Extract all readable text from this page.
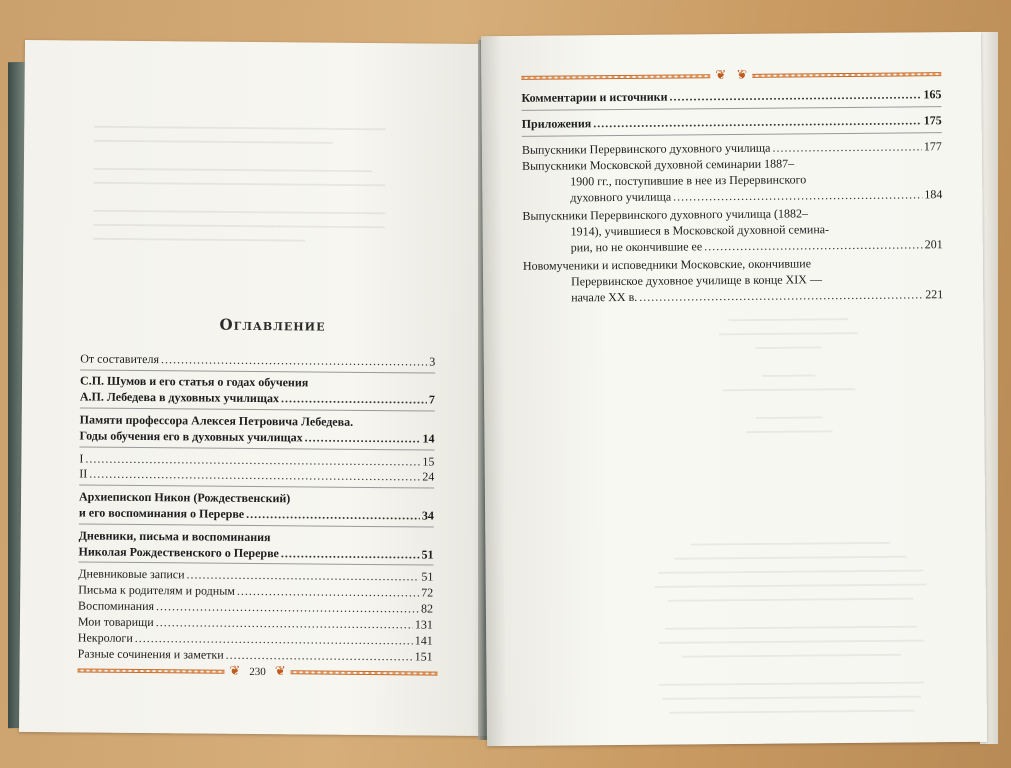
━━━━━━━━━━━━━━━━━━━━━━━━━━━━━━━━━━━━━━━━━━━━
━━━━━━━━━━━━━━━━━━━━━━━━━━━━━━━━━━━━

━━━━━━━━━━━━━━━━━━━━━━━━━━━━━━━━━━━━━━━━━━
━━━━━━━━━━━━━━━━━━━━━━━━━━━━━━━━━━━━━━━━━━━━

━━━━━━━━━━━━━━━━━━━━━━━━━━━━━━━━━━━━━━━━━━━━
━━━━━━━━━━━━━━━━━━━━━━━━━━━━━━━━━━━━━━━━━━━━
━━━━━━━━━━━━━━━━━━━━━━━━━━━━━━━━
Оглавление
От составителя . . .	3
С.П. Шумов и его статья о годах обучения
А.П. Лебедева в духовных училищах . . .	7
Памяти профессора Алексея Петровича Лебедева.
Годы обучения его в духовных училищах . . .	14
I . . .	15
II . . .	24
Архиепископ Никон (Рождественский)
и его воспоминания о Перерве . . .	34
Дневники, письма и воспоминания
Николая Рождественского о Перерве . . .	51
Дневниковые записи . . .	51
Письма к родителям и родным . . .	72
Воспоминания . . .	82
Мои товарищи . . .	131
Некрологи . . .	141
Разные сочинения и заметки . . .	151
❦ 230 ❦
━━━━━━━━━━━━━━━━━━
━━━━━━━━━━━━━━━━━━━━━
━━━━━━━━━━

━━━━━━━━
━━━━━━━━━━━━━━━━━━━━

━━━━━━━━━━
━━━━━━━━━━━━━

━━━━━━━━━━━━━━━━━━━━━━━━━━━━━━
━━━━━━━━━━━━━━━━━━━━━━━━━━━━━━━━━━━
━━━━━━━━━━━━━━━━━━━━━━━━━━━━━━━━━━━━━━━━
━━━━━━━━━━━━━━━━━━━━━━━━━━━━━━━━━━━━━━━━━
━━━━━━━━━━━━━━━━━━━━━━━━━━━━━━━━━━━━━

━━━━━━━━━━━━━━━━━━━━━━━━━━━━━━━━━━━━━━
━━━━━━━━━━━━━━━━━━━━━━━━━━━━━━━━━━━━━━━━
━━━━━━━━━━━━━━━━━━━━━━━━━━━━━━━━━

━━━━━━━━━━━━━━━━━━━━━━━━━━━━━━━━━━━━━━━━
━━━━━━━━━━━━━━━━━━━━━━━━━━━━━━━━━━━━━━━
━━━━━━━━━━━━━━━━━━━━━━━━━━━━━━━━━━━━━
❦ ❦
Комментарии и источники . . .	165
Приложения . . .	175
Выпускники Перервинского духовного училища . . .	177
Выпускники Московской духовной семинарии 1887–
1900 гг., поступившие в нее из Перервинского
духовного училища . . .	184
Выпускники Перервинского духовного училища (1882–
1914), учившиеся в Московской духовной семина-
рии, но не окончившие ее . . .	201
Новомученики и исповедники Московские, окончившие
Перервинское духовное училище в конце XIX —
начале XX в. . . .	221
